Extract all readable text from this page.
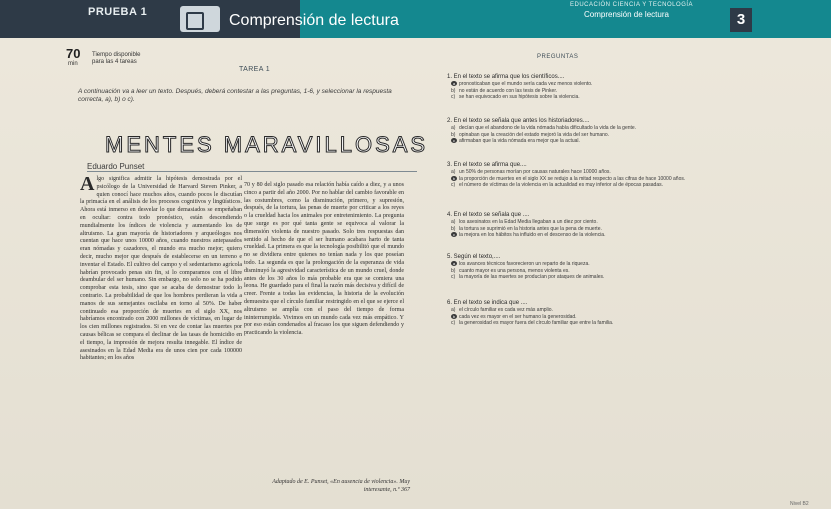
PRUEBA 1	Comprensión de lectura
EDUCACIÓN CIENCIA Y TECNOLOGÍA
Comprensión de lectura	3
70
min
Tiempo disponible para las 4 tareas
TAREA 1
A continuación va a leer un texto. Después, deberá contestar a las preguntas, 1-6, y seleccionar la respuesta correcta, a), b) o c).
MENTES MARAVILLOSAS
Eduardo Punset
Algo significa admitir la hipótesis demostrada por el psicólogo de la Universidad de Harvard Steven Pinker, a quien conocí hace muchos años, cuando pocos le discutían la primacía en el análisis de los procesos cognitivos y lingüísticos. Ahora está inmerso en desvelar lo que demasiados se empeñaban en ocultar: contra todo pronóstico, están descendiendo mundialmente los índices de violencia y aumentando los de altruismo. La gran mayoría de historiadores y arqueólogos nos cuentan que hace unos 10000 años, cuando nuestros antepasados eran nómadas y cazadores, el mundo era mucho mejor; quiero decir, mucho mejor que después de establecerse en un terreno e inventar el Estado. El cultivo del campo y el sedentarismo agrícola habrían provocado penas sin fin, si lo comparamos con el libre deambular del ser humano. Sin embargo, no solo no se ha podido comprobar esta tesis, sino que se acaba de demostrar todo lo contrario. La probabilidad de que los hombres perdieran la vida a manos de sus semejantes oscilaba en torno al 50%. De haber continuado esa proporción de muertes en el siglo XX, nos habríamos encontrado con 2000 millones de víctimas, en lugar de los cien millones registrados. Si en vez de contar las muertes por causas bélicas se compara el declinar de las tasas de homicidio en el tiempo, la impresión de mejora resulta innegable. El índice de asesinados en la Edad Media era de unos cien por cada 100000 habitantes; en los años
70 y 80 del siglo pasado esa relación había caído a diez, y a unos cinco a partir del año 2000. Por no hablar del cambio favorable en las costumbres, como la disminución, primero, y supresión, después, de la tortura, las penas de muerte por criticar a los reyes o la crueldad hacia los animales por entretenimiento. La pregunta que surge es por qué tanta gente se equivoca al valorar la dimensión violenta de nuestro pasado. Solo tres respuestas dan sentido al hecho de que el ser humano acabara harto de tanta crueldad. La primera es que la tecnología posibilitó que el mundo no se dividiera entre quienes no tenían nada y los que poseían todo. La segunda es que la prolongación de la esperanza de vida disminuyó la agresividad característica de un mundo cruel, donde antes de los 30 años lo más probable era que se comiera una leona. He guardado para el final la razón más decisiva y difícil de creer. Frente a todas las evidencias, la historia de la evolución demuestra que el círculo familiar restringido en el que se ejerce el altruismo se amplía con el paso del tiempo de forma ininterrumpida. Vivimos en un mundo cada vez más empático. Y por eso están condenados al fracaso los que siguen defendiendo y practicando la violencia.
Adaptado de E. Punset, «En ausencia de violencia». Muy interesante, n.º 367
PREGUNTAS
1. En el texto se afirma que los científicos....
a pronosticaban que el mundo sería cada vez menos violento.
b) no están de acuerdo con las tesis de Pinker.
c) se han equivocado en sus hipótesis sobre la violencia.
2. En el texto se señala que antes los historiadores....
a) decían que el abandono de la vida nómada había dificultado la vida de la gente.
b) opinaban que la creación del estado mejoró la vida del ser humano.
c afirmaban que la vida nómada era mejor que la actual.
3. En el texto se afirma que....
a) un 50% de personas morían por causas naturales hace 10000 años.
b la proporción de muertes en el siglo XX se redujo a la mitad respecto a las cifras de hace 10000 años.
c) el número de víctimas de la violencia en la actualidad es muy inferior al de épocas pasadas.
4. En el texto se señala que ....
a) los asesinatos en la Edad Media llegaban a un diez por ciento.
b) la tortura se suprimió en la historia antes que la pena de muerte.
c la mejora en los hábitos ha influido en el descenso de la violencia.
5. Según el texto,....
a los avances técnicos favorecieron un reparto de la riqueza.
b) cuanto mayor es una persona, menos violenta es.
c) la mayoría de las muertes se producían por ataques de animales.
6. En el texto se indica que ....
a) el círculo familiar es cada vez más amplio.
b cada vez es mayor en el ser humano la generosidad.
c) la generosidad es mayor fuera del círculo familiar que entre la familia.
Nivel B2
